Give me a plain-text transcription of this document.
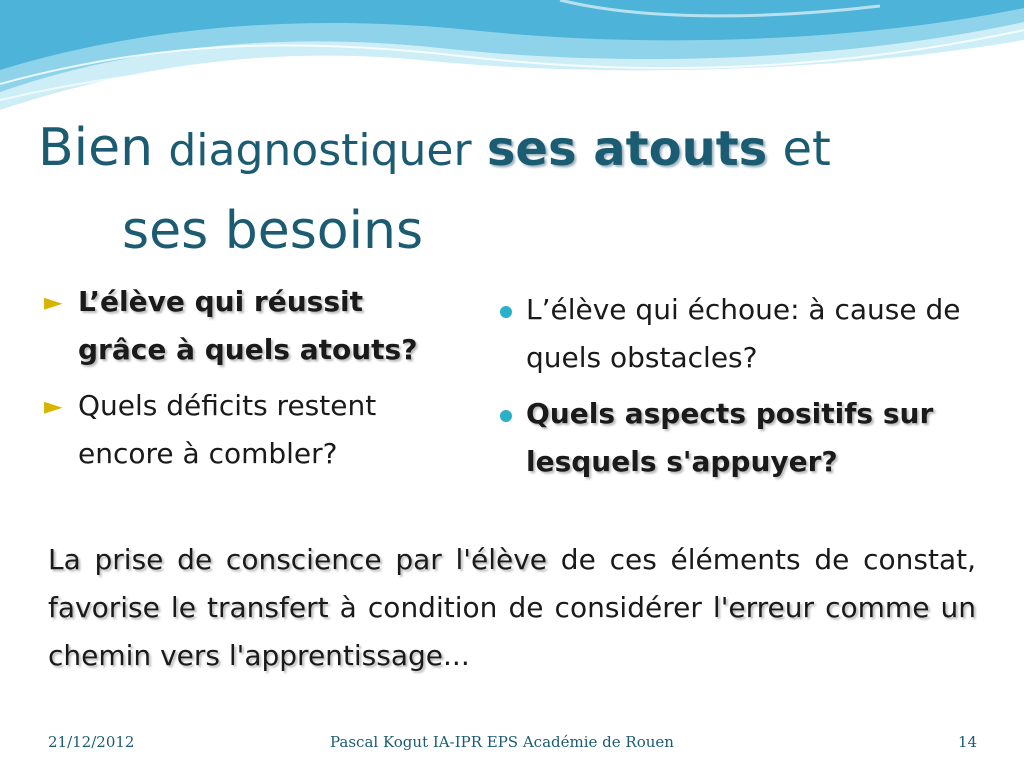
Bien diagnostiquer ses atouts et
ses besoins

► L’élève qui réussit grâce à quels atouts?

► Quels déficits restent encore à combler?

L’élève qui échoue: à cause de quels obstacles?

Quels aspects positifs sur lesquels s'appuyer?

La prise de conscience par l'élève de ces éléments de constat, favorise le transfert à condition de considérer l'erreur comme un chemin vers l'apprentissage...
21/12/2012	Pascal Kogut IA-IPR EPS Académie de Rouen	14
